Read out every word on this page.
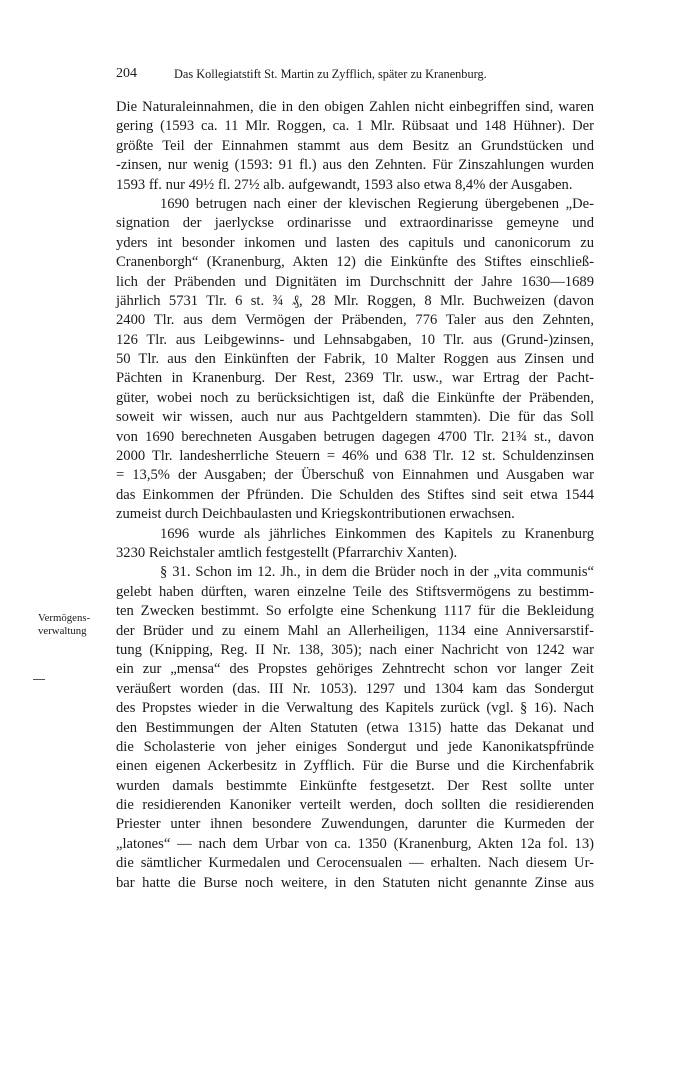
204	Das Kollegiatstift St. Martin zu Zyfflich, später zu Kranenburg.
Vermögens-
verwaltung
Die Naturaleinnahmen, die in den obigen Zahlen nicht einbegriffen sind, waren
gering (1593 ca. 11 Mlr. Roggen, ca. 1 Mlr. Rübsaat und 148 Hühner). Der
größte Teil der Einnahmen stammt aus dem Besitz an Grundstücken und
-zinsen, nur wenig (1593: 91 fl.) aus den Zehnten. Für Zinszahlungen wurden
1593 ff. nur 49½ fl. 27½ alb. aufgewandt, 1593 also etwa 8,4% der Ausgaben.
1690 betrugen nach einer der klevischen Regierung übergebenen „De-
signation der jaerlyckse ordinarisse und extraordinarisse gemeyne und
yders int besonder inkomen und lasten des capituls und canonicorum zu
Cranenborgh“ (Kranenburg, Akten 12) die Einkünfte des Stiftes einschließ-
lich der Präbenden und Dignitäten im Durchschnitt der Jahre 1630—1689
jährlich 5731 Tlr. 6 st. ¾ ₰, 28 Mlr. Roggen, 8 Mlr. Buchweizen (davon
2400 Tlr. aus dem Vermögen der Präbenden, 776 Taler aus den Zehnten,
126 Tlr. aus Leibgewinns- und Lehnsabgaben, 10 Tlr. aus (Grund-)zinsen,
50 Tlr. aus den Einkünften der Fabrik, 10 Malter Roggen aus Zinsen und
Pächten in Kranenburg. Der Rest, 2369 Tlr. usw., war Ertrag der Pacht-
güter, wobei noch zu berücksichtigen ist, daß die Einkünfte der Präbenden,
soweit wir wissen, auch nur aus Pachtgeldern stammten). Die für das Soll
von 1690 berechneten Ausgaben betrugen dagegen 4700 Tlr. 21¾ st., davon
2000 Tlr. landesherrliche Steuern = 46% und 638 Tlr. 12 st. Schuldenzinsen
= 13,5% der Ausgaben; der Überschuß von Einnahmen und Ausgaben war
das Einkommen der Pfründen. Die Schulden des Stiftes sind seit etwa 1544
zumeist durch Deichbaulasten und Kriegskontributionen erwachsen.
1696 wurde als jährliches Einkommen des Kapitels zu Kranenburg
3230 Reichstaler amtlich festgestellt (Pfarrarchiv Xanten).
§ 31. Schon im 12. Jh., in dem die Brüder noch in der „vita communis“
gelebt haben dürften, waren einzelne Teile des Stiftsvermögens zu bestimm-
ten Zwecken bestimmt. So erfolgte eine Schenkung 1117 für die Bekleidung
der Brüder und zu einem Mahl an Allerheiligen, 1134 eine Anniversarstif-
tung (Knipping, Reg. II Nr. 138, 305); nach einer Nachricht von 1242 war
ein zur „mensa“ des Propstes gehöriges Zehntrecht schon vor langer Zeit
veräußert worden (das. III Nr. 1053). 1297 und 1304 kam das Sondergut
des Propstes wieder in die Verwaltung des Kapitels zurück (vgl. § 16). Nach
den Bestimmungen der Alten Statuten (etwa 1315) hatte das Dekanat und
die Scholasterie von jeher einiges Sondergut und jede Kanonikatspfründe
einen eigenen Ackerbesitz in Zyfflich. Für die Burse und die Kirchenfabrik
wurden damals bestimmte Einkünfte festgesetzt. Der Rest sollte unter
die residierenden Kanoniker verteilt werden, doch sollten die residierenden
Priester unter ihnen besondere Zuwendungen, darunter die Kurmeden der
„latones“ — nach dem Urbar von ca. 1350 (Kranenburg, Akten 12a fol. 13)
die sämtlicher Kurmedalen und Cerocensualen — erhalten. Nach diesem Ur-
bar hatte die Burse noch weitere, in den Statuten nicht genannte Zinse aus
